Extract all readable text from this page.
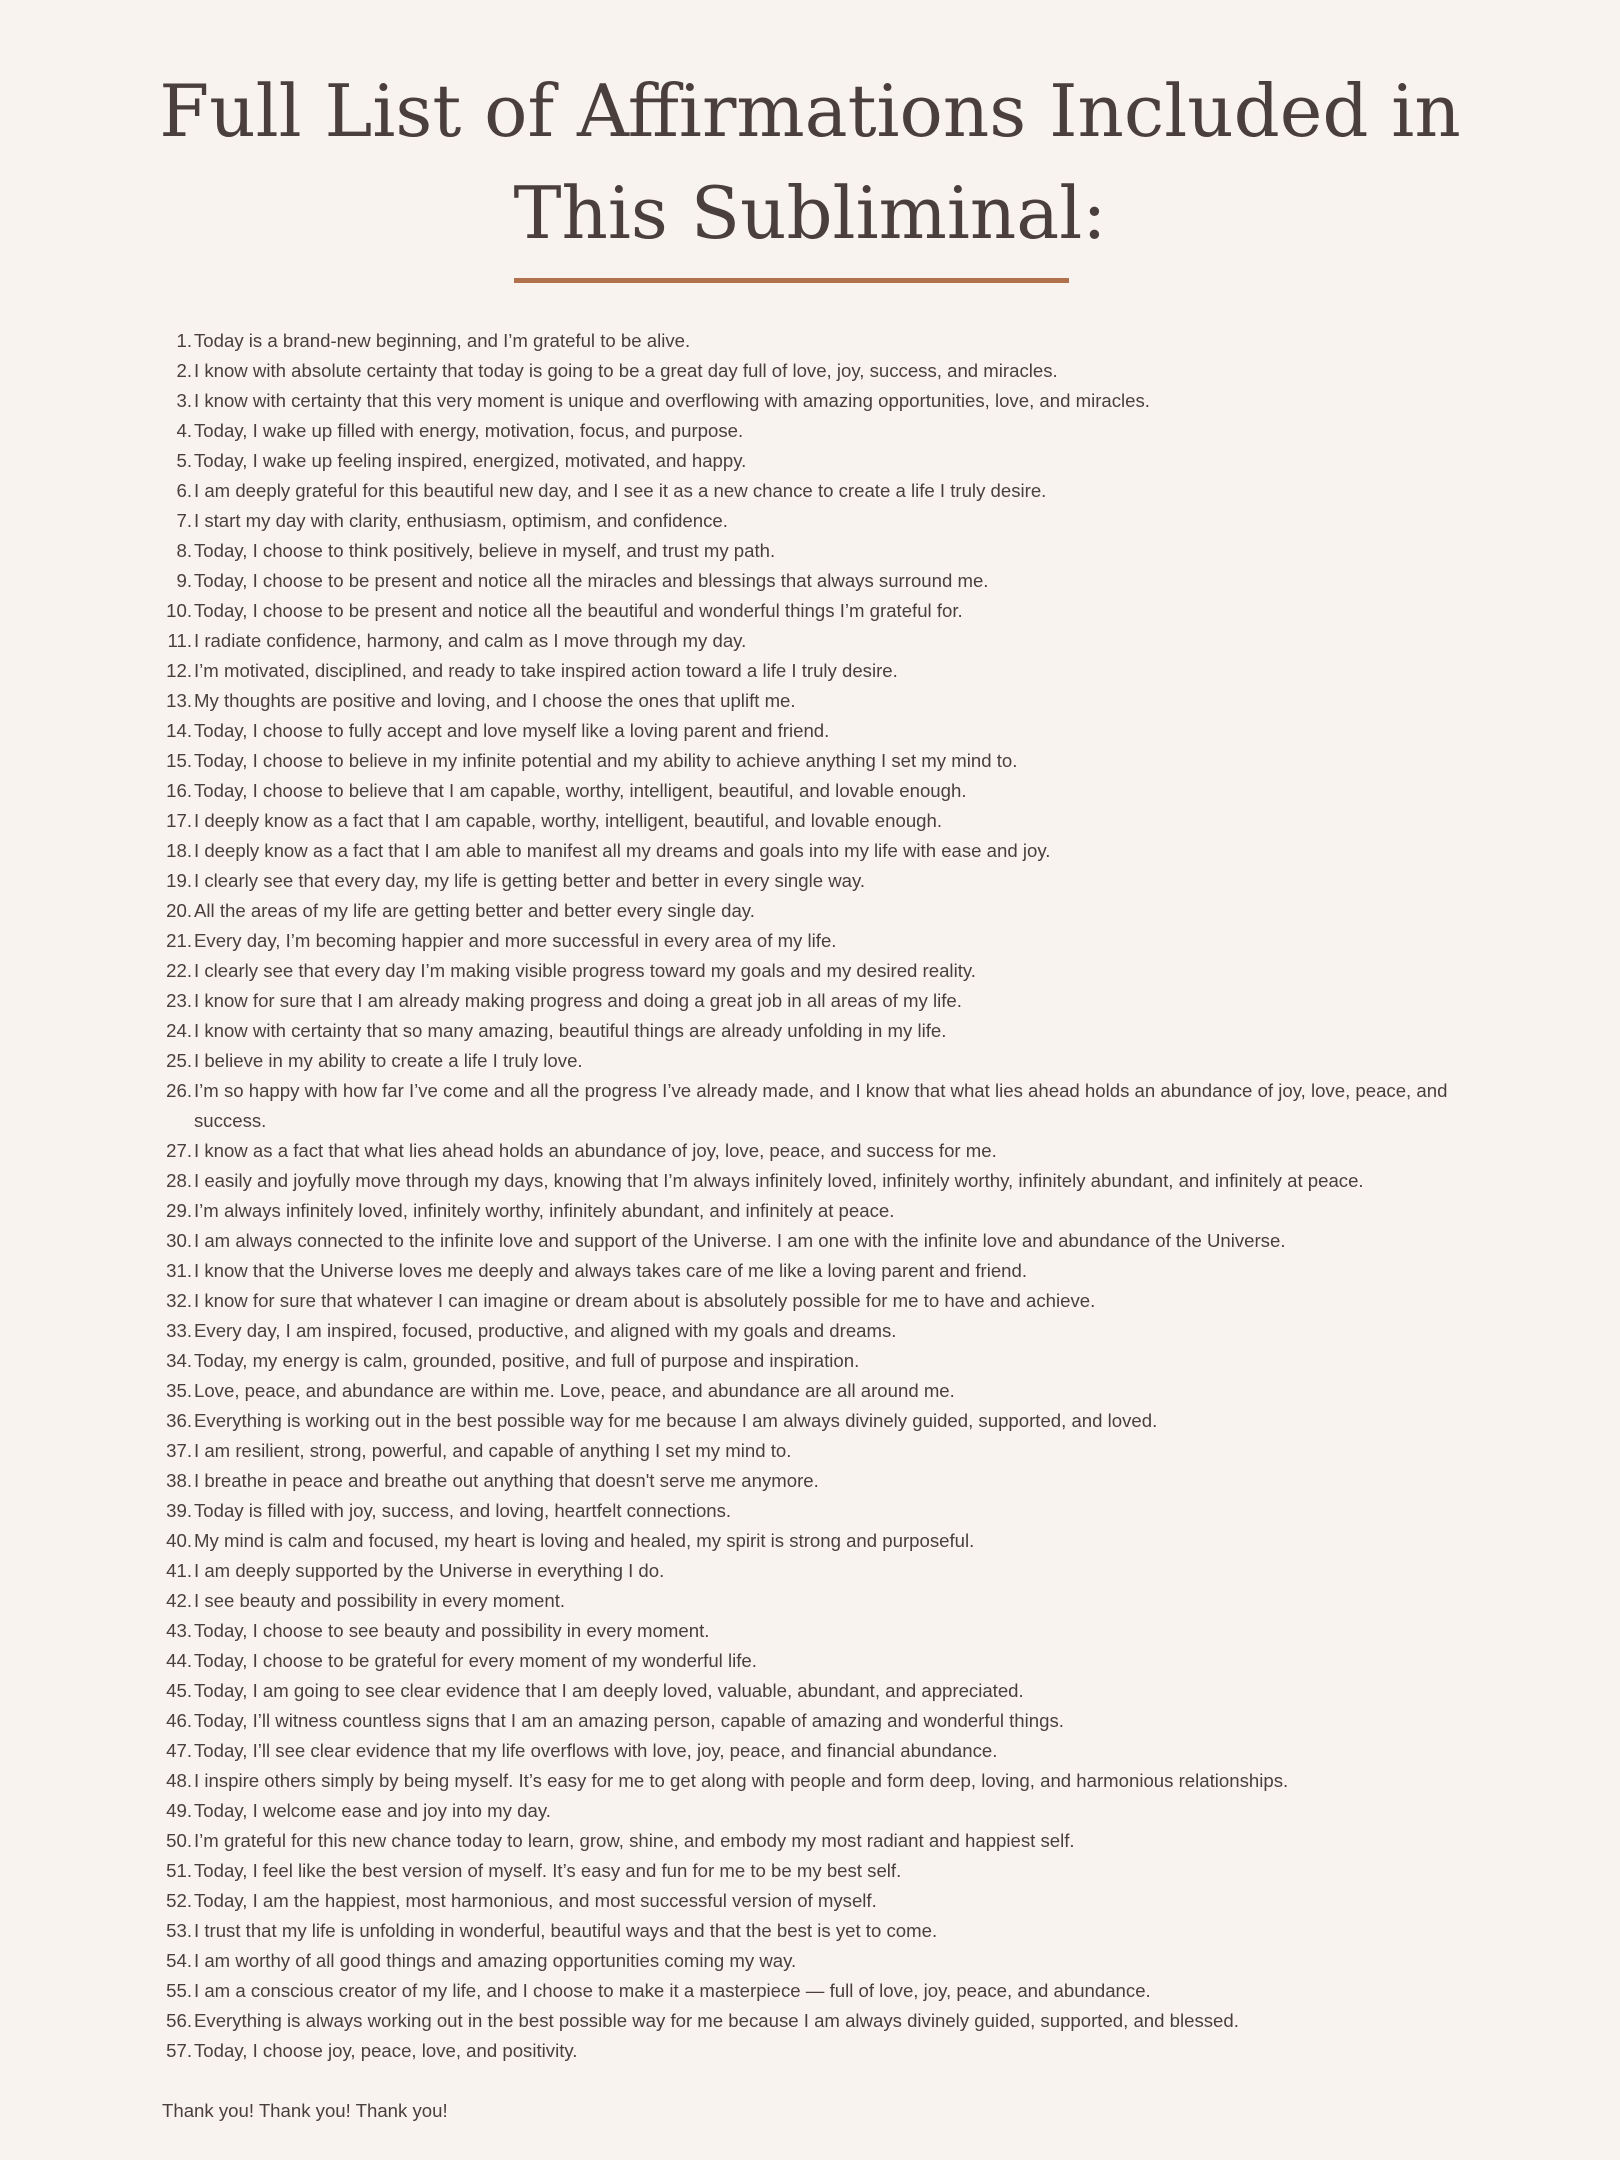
Full List of Affirmations Included in
This Subliminal:
1. Today is a brand-new beginning, and I’m grateful to be alive.
2. I know with absolute certainty that today is going to be a great day full of love, joy, success, and miracles.
3. I know with certainty that this very moment is unique and overflowing with amazing opportunities, love, and miracles.
4. Today, I wake up filled with energy, motivation, focus, and purpose.
5. Today, I wake up feeling inspired, energized, motivated, and happy.
6. I am deeply grateful for this beautiful new day, and I see it as a new chance to create a life I truly desire.
7. I start my day with clarity, enthusiasm, optimism, and confidence.
8. Today, I choose to think positively, believe in myself, and trust my path.
9. Today, I choose to be present and notice all the miracles and blessings that always surround me.
10. Today, I choose to be present and notice all the beautiful and wonderful things I’m grateful for.
11. I radiate confidence, harmony, and calm as I move through my day.
12. I’m motivated, disciplined, and ready to take inspired action toward a life I truly desire.
13. My thoughts are positive and loving, and I choose the ones that uplift me.
14. Today, I choose to fully accept and love myself like a loving parent and friend.
15. Today, I choose to believe in my infinite potential and my ability to achieve anything I set my mind to.
16. Today, I choose to believe that I am capable, worthy, intelligent, beautiful, and lovable enough.
17. I deeply know as a fact that I am capable, worthy, intelligent, beautiful, and lovable enough.
18. I deeply know as a fact that I am able to manifest all my dreams and goals into my life with ease and joy.
19. I clearly see that every day, my life is getting better and better in every single way.
20. All the areas of my life are getting better and better every single day.
21. Every day, I’m becoming happier and more successful in every area of my life.
22. I clearly see that every day I’m making visible progress toward my goals and my desired reality.
23. I know for sure that I am already making progress and doing a great job in all areas of my life.
24. I know with certainty that so many amazing, beautiful things are already unfolding in my life.
25. I believe in my ability to create a life I truly love.
26. I’m so happy with how far I’ve come and all the progress I’ve already made, and I know that what lies ahead holds an abundance of joy, love, peace, and success.
27. I know as a fact that what lies ahead holds an abundance of joy, love, peace, and success for me.
28. I easily and joyfully move through my days, knowing that I’m always infinitely loved, infinitely worthy, infinitely abundant, and infinitely at peace.
29. I’m always infinitely loved, infinitely worthy, infinitely abundant, and infinitely at peace.
30. I am always connected to the infinite love and support of the Universe. I am one with the infinite love and abundance of the Universe.
31. I know that the Universe loves me deeply and always takes care of me like a loving parent and friend.
32. I know for sure that whatever I can imagine or dream about is absolutely possible for me to have and achieve.
33. Every day, I am inspired, focused, productive, and aligned with my goals and dreams.
34. Today, my energy is calm, grounded, positive, and full of purpose and inspiration.
35. Love, peace, and abundance are within me. Love, peace, and abundance are all around me.
36. Everything is working out in the best possible way for me because I am always divinely guided, supported, and loved.
37. I am resilient, strong, powerful, and capable of anything I set my mind to.
38. I breathe in peace and breathe out anything that doesn't serve me anymore.
39. Today is filled with joy, success, and loving, heartfelt connections.
40. My mind is calm and focused, my heart is loving and healed, my spirit is strong and purposeful.
41. I am deeply supported by the Universe in everything I do.
42. I see beauty and possibility in every moment.
43. Today, I choose to see beauty and possibility in every moment.
44. Today, I choose to be grateful for every moment of my wonderful life.
45. Today, I am going to see clear evidence that I am deeply loved, valuable, abundant, and appreciated.
46. Today, I’ll witness countless signs that I am an amazing person, capable of amazing and wonderful things.
47. Today, I’ll see clear evidence that my life overflows with love, joy, peace, and financial abundance.
48. I inspire others simply by being myself. It’s easy for me to get along with people and form deep, loving, and harmonious relationships.
49. Today, I welcome ease and joy into my day.
50. I’m grateful for this new chance today to learn, grow, shine, and embody my most radiant and happiest self.
51. Today, I feel like the best version of myself. It’s easy and fun for me to be my best self.
52. Today, I am the happiest, most harmonious, and most successful version of myself.
53. I trust that my life is unfolding in wonderful, beautiful ways and that the best is yet to come.
54. I am worthy of all good things and amazing opportunities coming my way.
55. I am a conscious creator of my life, and I choose to make it a masterpiece — full of love, joy, peace, and abundance.
56. Everything is always working out in the best possible way for me because I am always divinely guided, supported, and blessed.
57. Today, I choose joy, peace, love, and positivity.

Thank you! Thank you! Thank you!
